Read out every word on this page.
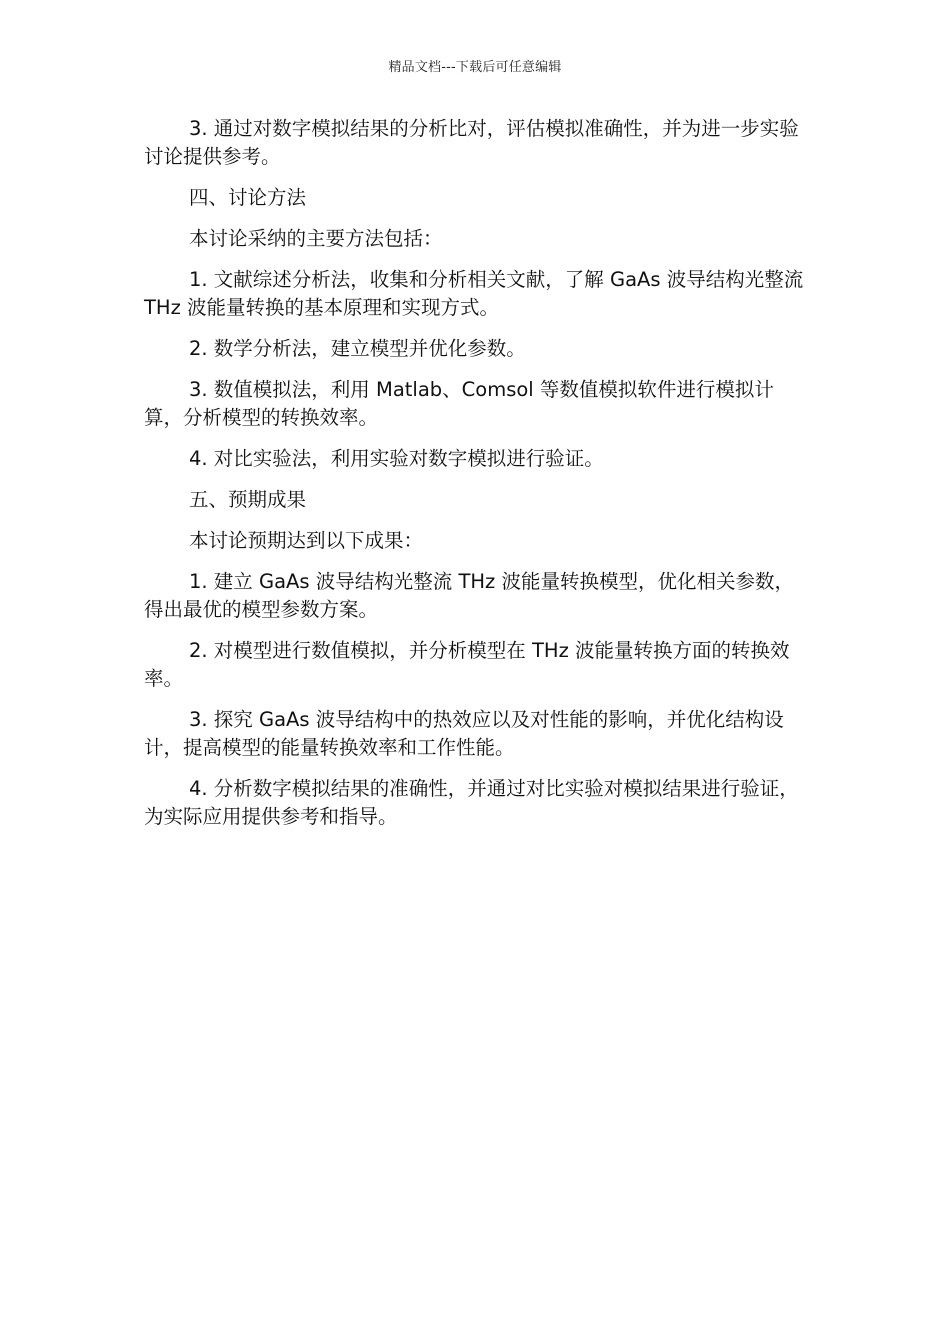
精品文档---下载后可任意编辑

3. 通过对数字模拟结果的分析比对，评估模拟准确性，并为进一步实验讨论提供参考。

四、讨论方法

本讨论采纳的主要方法包括：

1. 文献综述分析法，收集和分析相关文献，了解 GaAs 波导结构光整流 THz 波能量转换的基本原理和实现方式。

2. 数学分析法，建立模型并优化参数。

3. 数值模拟法，利用 Matlab、Comsol 等数值模拟软件进行模拟计算，分析模型的转换效率。

4. 对比实验法，利用实验对数字模拟进行验证。

五、预期成果

本讨论预期达到以下成果：

1. 建立 GaAs 波导结构光整流 THz 波能量转换模型，优化相关参数，得出最优的模型参数方案。

2. 对模型进行数值模拟，并分析模型在 THz 波能量转换方面的转换效率。

3. 探究 GaAs 波导结构中的热效应以及对性能的影响，并优化结构设计，提高模型的能量转换效率和工作性能。

4. 分析数字模拟结果的准确性，并通过对比实验对模拟结果进行验证，为实际应用提供参考和指导。
